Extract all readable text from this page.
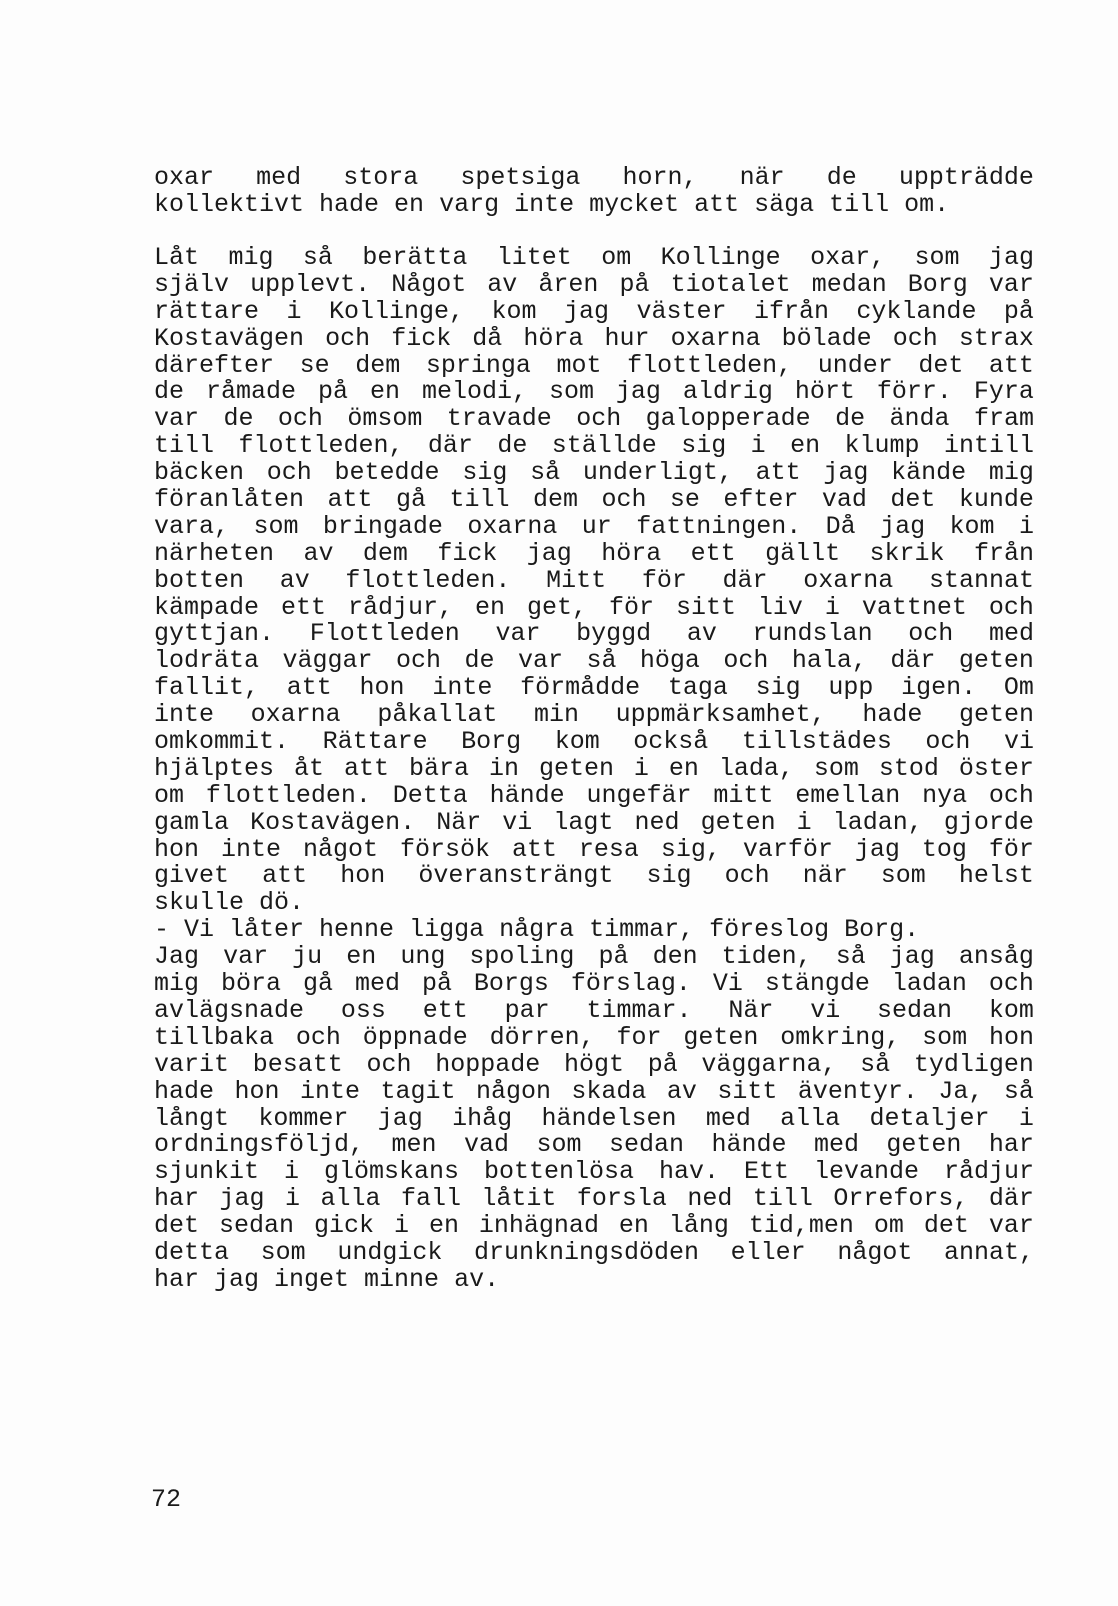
oxar med stora spetsiga horn, när de uppträdde
kollektivt hade en varg inte mycket att säga till om.
Låt mig så berätta litet om Kollinge oxar, som jag
själv upplevt. Något av åren på tiotalet medan Borg var
rättare i Kollinge, kom jag väster ifrån cyklande på
Kostavägen och fick då höra hur oxarna bölade och strax
därefter se dem springa mot flottleden, under det att
de råmade på en melodi, som jag aldrig hört förr. Fyra
var de och ömsom travade och galopperade de ända fram
till flottleden, där de ställde sig i en klump intill
bäcken och betedde sig så underligt, att jag kände mig
föranlåten att gå till dem och se efter vad det kunde
vara, som bringade oxarna ur fattningen. Då jag kom i
närheten av dem fick jag höra ett gällt skrik från
botten av flottleden. Mitt för där oxarna stannat
kämpade ett rådjur, en get, för sitt liv i vattnet och
gyttjan. Flottleden var byggd av rundslan och med
lodräta väggar och de var så höga och hala, där geten
fallit, att hon inte förmådde taga sig upp igen. Om
inte oxarna påkallat min uppmärksamhet, hade geten
omkommit. Rättare Borg kom också tillstädes och vi
hjälptes åt att bära in geten i en lada, som stod öster
om flottleden. Detta hände ungefär mitt emellan nya och
gamla Kostavägen. När vi lagt ned geten i ladan, gjorde
hon inte något försök att resa sig, varför jag tog för
givet att hon överansträngt sig och när som helst
skulle dö.
- Vi låter henne ligga några timmar, föreslog Borg.
Jag var ju en ung spoling på den tiden, så jag ansåg
mig böra gå med på Borgs förslag. Vi stängde ladan och
avlägsnade oss ett par timmar. När vi sedan kom
tillbaka och öppnade dörren, for geten omkring, som hon
varit besatt och hoppade högt på väggarna, så tydligen
hade hon inte tagit någon skada av sitt äventyr. Ja, så
långt kommer jag ihåg händelsen med alla detaljer i
ordningsföljd, men vad som sedan hände med geten har
sjunkit i glömskans bottenlösa hav. Ett levande rådjur
har jag i alla fall låtit forsla ned till Orrefors, där
det sedan gick i en inhägnad en lång tid,men om det var
detta som undgick drunkningsdöden eller något annat,
har jag inget minne av.
72
